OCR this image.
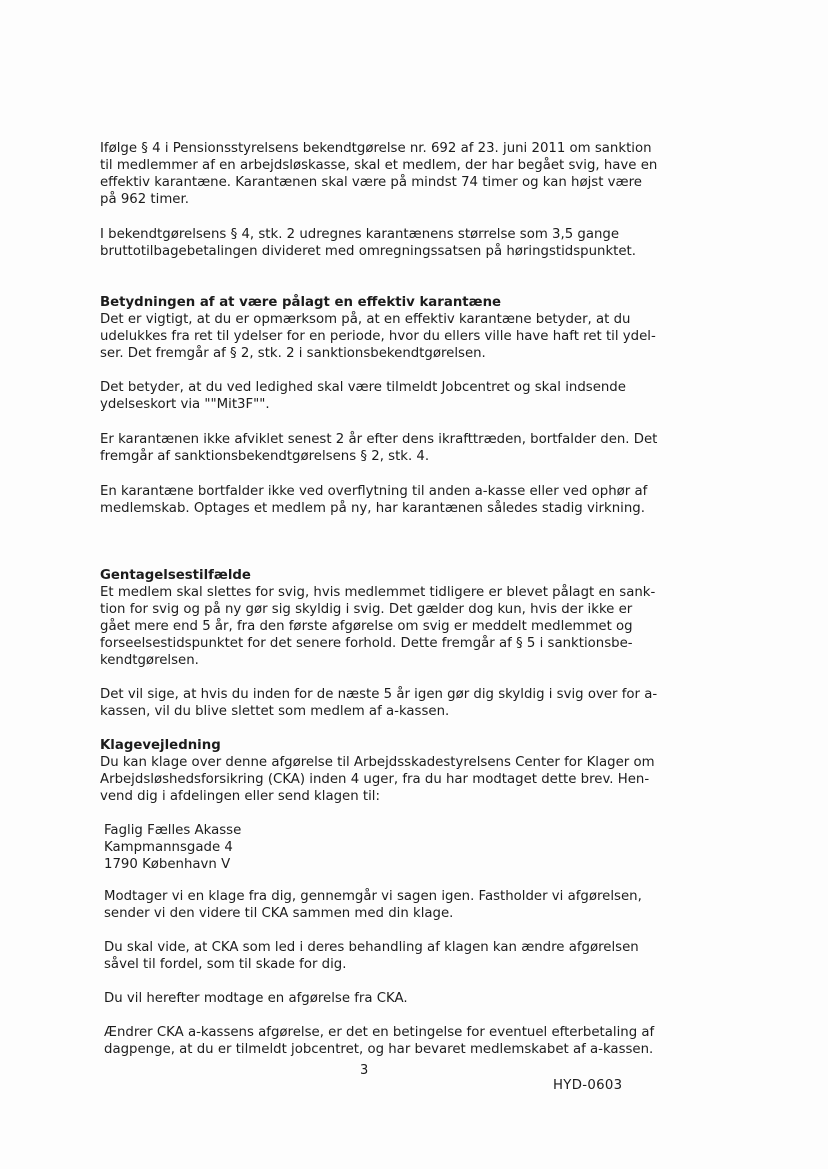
Ifølge § 4 i Pensionsstyrelsens bekendtgørelse nr. 692 af 23. juni 2011 om sanktion
til medlemmer af en arbejdsløskasse, skal et medlem, der har begået svig, have en
effektiv karantæne. Karantænen skal være på mindst 74 timer og kan højst være
på 962 timer.

I bekendtgørelsens § 4, stk. 2 udregnes karantænens størrelse som 3,5 gange
bruttotilbagebetalingen divideret med omregningssatsen på høringstidspunktet.

Betydningen af at være pålagt en effektiv karantæne

Det er vigtigt, at du er opmærksom på, at en effektiv karantæne betyder, at du
udelukkes fra ret til ydelser for en periode, hvor du ellers ville have haft ret til ydel-
ser. Det fremgår af § 2, stk. 2 i sanktionsbekendtgørelsen.

Det betyder, at du ved ledighed skal være tilmeldt Jobcentret og skal indsende
ydelseskort via ""Mit3F"".

Er karantænen ikke afviklet senest 2 år efter dens ikrafttræden, bortfalder den. Det
fremgår af sanktionsbekendtgørelsens § 2, stk. 4.

En karantæne bortfalder ikke ved overflytning til anden a-kasse eller ved ophør af
medlemskab. Optages et medlem på ny, har karantænen således stadig virkning.

Gentagelsestilfælde

Et medlem skal slettes for svig, hvis medlemmet tidligere er blevet pålagt en sank-
tion for svig og på ny gør sig skyldig i svig. Det gælder dog kun, hvis der ikke er
gået mere end 5 år, fra den første afgørelse om svig er meddelt medlemmet og
forseelsestidspunktet for det senere forhold. Dette fremgår af § 5 i sanktionsbe-
kendtgørelsen.

Det vil sige, at hvis du inden for de næste 5 år igen gør dig skyldig i svig over for a-
kassen, vil du blive slettet som medlem af a-kassen.

Klagevejledning

Du kan klage over denne afgørelse til Arbejdsskadestyrelsens Center for Klager om
Arbejdsløshedsforsikring (CKA) inden 4 uger, fra du har modtaget dette brev. Hen-
vend dig i afdelingen eller send klagen til:

Faglig Fælles Akasse
Kampmannsgade 4
1790 København V

Modtager vi en klage fra dig, gennemgår vi sagen igen. Fastholder vi afgørelsen,
sender vi den videre til CKA sammen med din klage.

Du skal vide, at CKA som led i deres behandling af klagen kan ændre afgørelsen
såvel til fordel, som til skade for dig.

Du vil herefter modtage en afgørelse fra CKA.

Ændrer CKA a-kassens afgørelse, er det en betingelse for eventuel efterbetaling af
dagpenge, at du er tilmeldt jobcentret, og har bevaret medlemskabet af a-kassen.

3
HYD-0603
